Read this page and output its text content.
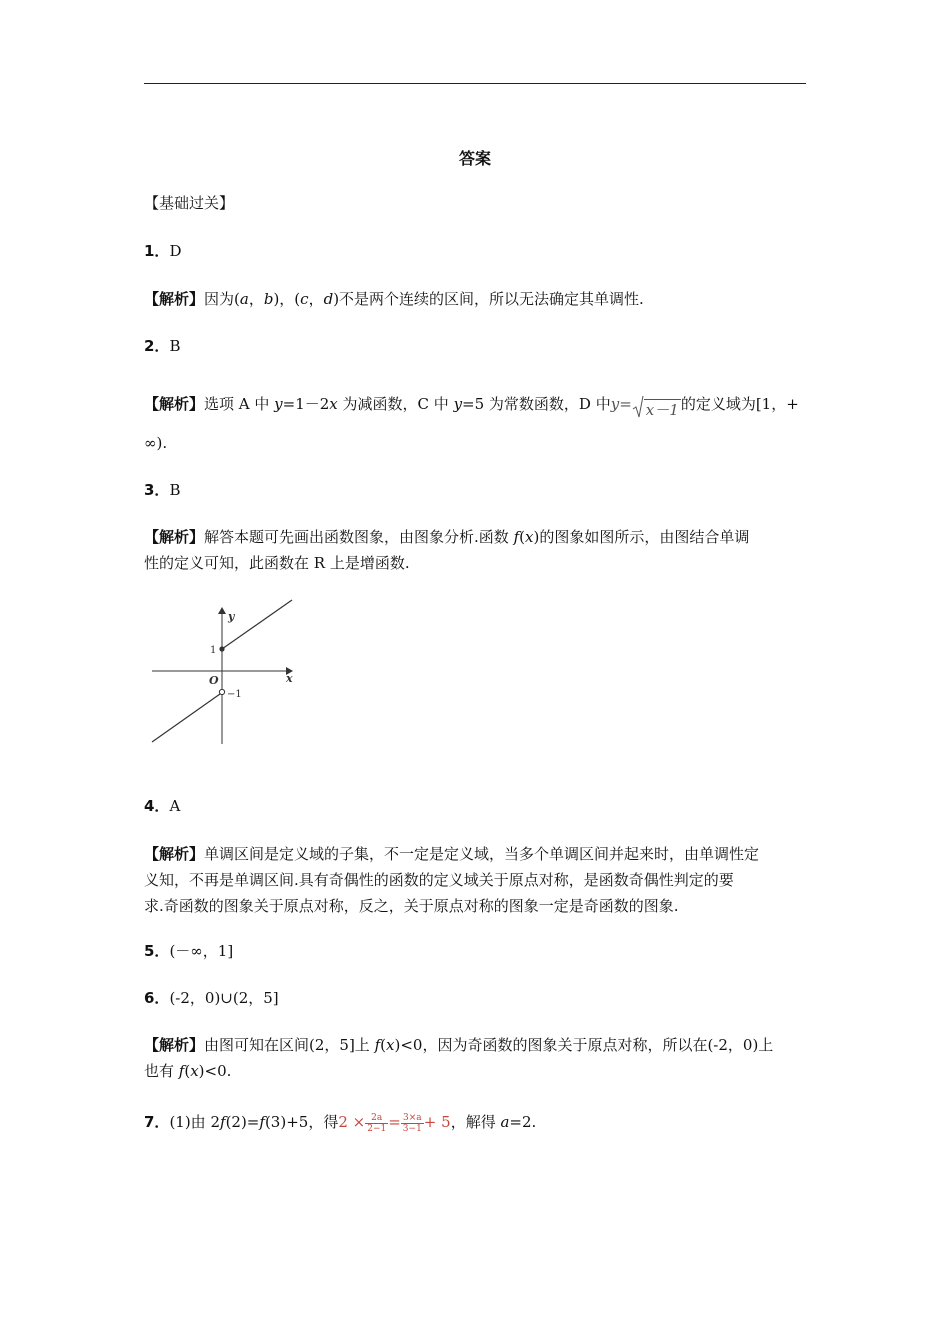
答案
【基础过关】
1．D
【解析】因为(a，b)，(c，d)不是两个连续的区间，所以无法确定其单调性.
2．B
【解析】选项 A 中 y=1－2x 为减函数，C 中 y=5 为常数函数，D 中y= x－1 的定义域为[1，+
∞).
3．B
【解析】解答本题可先画出函数图象，由图象分析.函数 f(x)的图象如图所示，由图结合单调
性的定义可知，此函数在 R 上是增函数.
y
x
O
1
−1
4．A
【解析】单调区间是定义域的子集，不一定是定义域，当多个单调区间并起来时，由单调性定
义知，不再是单调区间.具有奇偶性的函数的定义域关于原点对称，是函数奇偶性判定的要
求.奇函数的图象关于原点对称，反之，关于原点对称的图象一定是奇函数的图象.
5．(－∞，1]
6．(-2，0)∪(2，5]
【解析】由图可知在区间(2，5]上 f(x)<0，因为奇函数的图象关于原点对称，所以在(-2，0)上
也有 f(x)<0.
7．(1)由 2f(2)=f(3)+5，得$2 \times \frac{2a}{2-1} = \frac{3\times a}{3-1} + 5$，解得 a=2.
